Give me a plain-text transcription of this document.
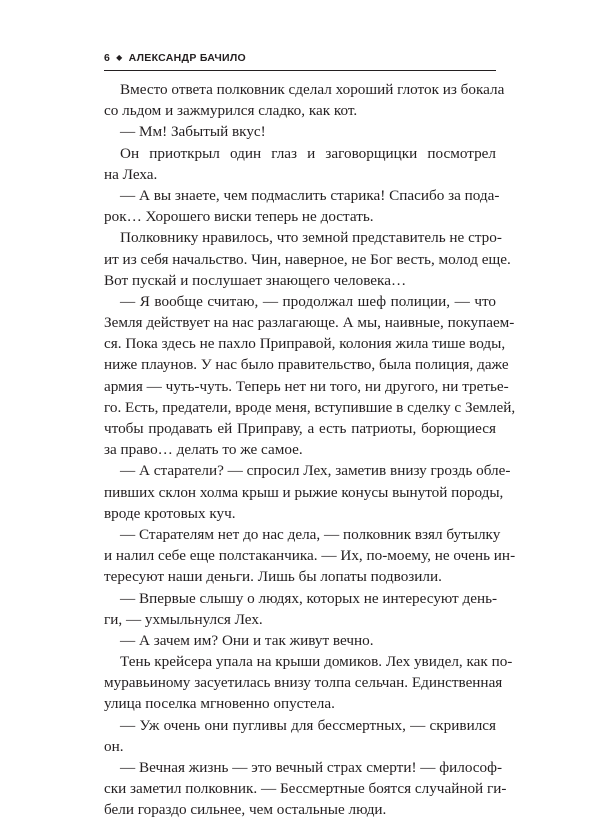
6 ◆ АЛЕКСАНДР БАЧИЛО
Вместо ответа полковник сделал хороший глоток из бокала
со льдом и зажмурился сладко, как кот.
— Мм! Забытый вкус!
Он приоткрыл один глаз и заговорщицки посмотрел
на Леха.
— А вы знаете, чем подмаслить старика! Спасибо за пода-
рок… Хорошего виски теперь не достать.
Полковнику нравилось, что земной представитель не стро-
ит из себя начальство. Чин, наверное, не Бог весть, молод еще.
Вот пускай и послушает знающего человека…
— Я вообще считаю, — продолжал шеф полиции, — что
Земля действует на нас разлагающе. А мы, наивные, покупаем-
ся. Пока здесь не пахло Приправой, колония жила тише воды,
ниже плаунов. У нас было правительство, была полиция, даже
армия — чуть-чуть. Теперь нет ни того, ни другого, ни третье-
го. Есть, предатели, вроде меня, вступившие в сделку с Землей,
чтобы продавать ей Приправу, а есть патриоты, борющиеся
за право… делать то же самое.
— А старатели? — спросил Лех, заметив внизу гроздь обле-
пивших склон холма крыш и рыжие конусы вынутой породы,
вроде кротовых куч.
— Старателям нет до нас дела, — полковник взял бутылку
и налил себе еще полстаканчика. — Их, по-моему, не очень ин-
тересуют наши деньги. Лишь бы лопаты подвозили.
— Впервые слышу о людях, которых не интересуют день-
ги, — ухмыльнулся Лех.
— А зачем им? Они и так живут вечно.
Тень крейсера упала на крыши домиков. Лех увидел, как по-
муравьиному засуетилась внизу толпа сельчан. Единственная
улица поселка мгновенно опустела.
— Уж очень они пугливы для бессмертных, — скривился
он.
— Вечная жизнь — это вечный страх смерти! — философ-
ски заметил полковник. — Бессмертные боятся случайной ги-
бели гораздо сильнее, чем остальные люди.
